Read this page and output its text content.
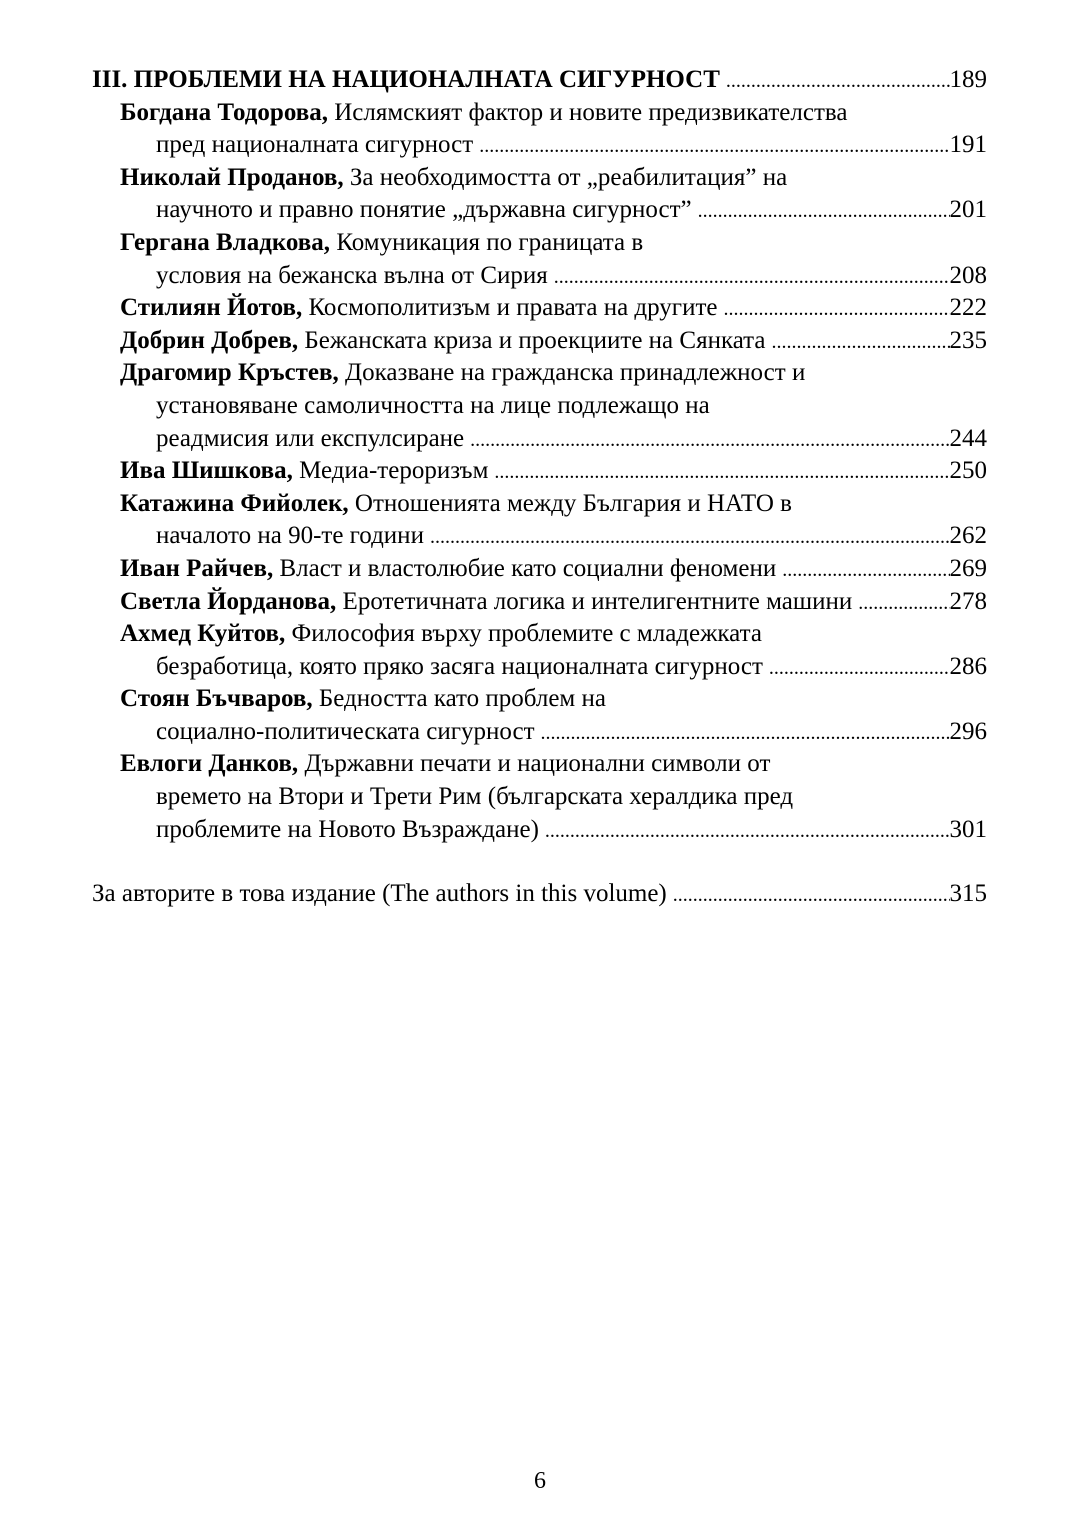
III. ПРОБЛЕМИ НА НАЦИОНАЛНАТА СИГУРНОСТ .....	189
Богдана Тодорова, Ислямският фактор и новите предизвикателства
пред националната сигурност .....	191
Николай Проданов, За необходимостта от „реабилитация” на
научното и правно понятие „държавна сигурност” .....	201
Гергана Владкова, Комуникация по границата в
условия на бежанска вълна от Сирия .....	208
Стилиян Йотов, Космополитизъм и правата на другите .....	222
Добрин Добрев, Бежанската криза и проекциите на Сянката .....	235
Драгомир Кръстев, Доказване на гражданска принадлежност и
установяване самоличността на лице подлежащо на
реадмисия или експулсиране .....	244
Ива Шишкова, Медиа-тероризъм .....	250
Катажина Фийолек, Отношенията между България и НАТО в
началото на 90-те години .....	262
Иван Райчев, Власт и властолюбие като социални феномени .....	269
Светла Йорданова, Еротетичната логика и интелигентните машини .....	278
Ахмед Куйтов, Философия върху проблемите с младежката
безработица, която пряко засяга националната сигурност .....	286
Стоян Бъчваров, Бедността като проблем на
социално-политическата сигурност .....	296
Евлоги Данков, Държавни печати и национални символи от
времето на Втори и Трети Рим (българската хералдика пред
проблемите на Новото Възраждане) .....	301
За авторите в това издание (The authors in this volume) .....	315
6
